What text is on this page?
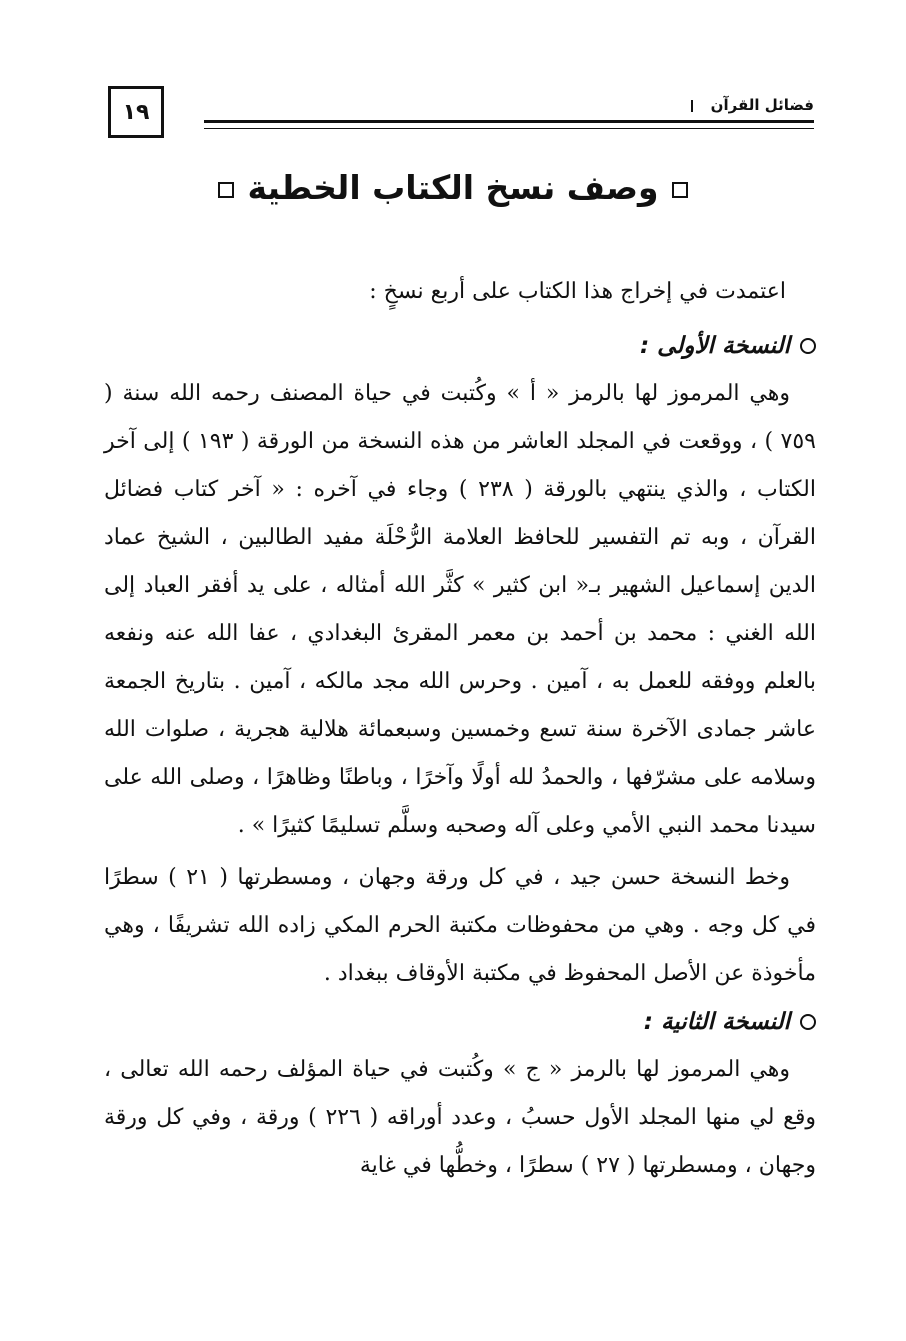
١٩	فضائل القرآن
وصف نسخ الكتاب الخطية

اعتمدت في إخراج هذا الكتاب على أربع نسخٍ :

النسخة الأولى :

وهي المرموز لها بالرمز « أ » وكُتبت في حياة المصنف رحمه الله سنة ( ٧٥٩ ) ، ووقعت في المجلد العاشر من هذه النسخة من الورقة ( ١٩٣ ) إلى آخر الكتاب ، والذي ينتهي بالورقة ( ٢٣٨ ) وجاء في آخره : « آخر كتاب فضائل القرآن ، وبه تم التفسير للحافظ العلامة الرُّحْلَة مفيد الطالبين ، الشيخ عماد الدين إسماعيل الشهير بـ« ابن كثير » كثَّر الله أمثاله ، على يد أفقر العباد إلى الله الغني : محمد بن أحمد بن معمر المقرئ البغدادي ، عفا الله عنه ونفعه بالعلم ووفقه للعمل به ، آمين . وحرس الله مجد مالكه ، آمين . بتاريخ الجمعة عاشر جمادى الآخرة سنة تسع وخمسين وسبعمائة هلالية هجرية ، صلوات الله وسلامه على مشرّفها ، والحمدُ لله أولًا وآخرًا ، وباطنًا وظاهرًا ، وصلى الله على سيدنا محمد النبي الأمي وعلى آله وصحبه وسلَّم تسليمًا كثيرًا » .

وخط النسخة حسن جيد ، في كل ورقة وجهان ، ومسطرتها ( ٢١ ) سطرًا في كل وجه . وهي من محفوظات مكتبة الحرم المكي زاده الله تشريفًا ، وهي مأخوذة عن الأصل المحفوظ في مكتبة الأوقاف ببغداد .

النسخة الثانية :

وهي المرموز لها بالرمز « ج » وكُتبت في حياة المؤلف رحمه الله تعالى ، وقع لي منها المجلد الأول حسبُ ، وعدد أوراقه ( ٢٢٦ ) ورقة ، وفي كل ورقة وجهان ، ومسطرتها ( ٢٧ ) سطرًا ، وخطُّها في غاية
